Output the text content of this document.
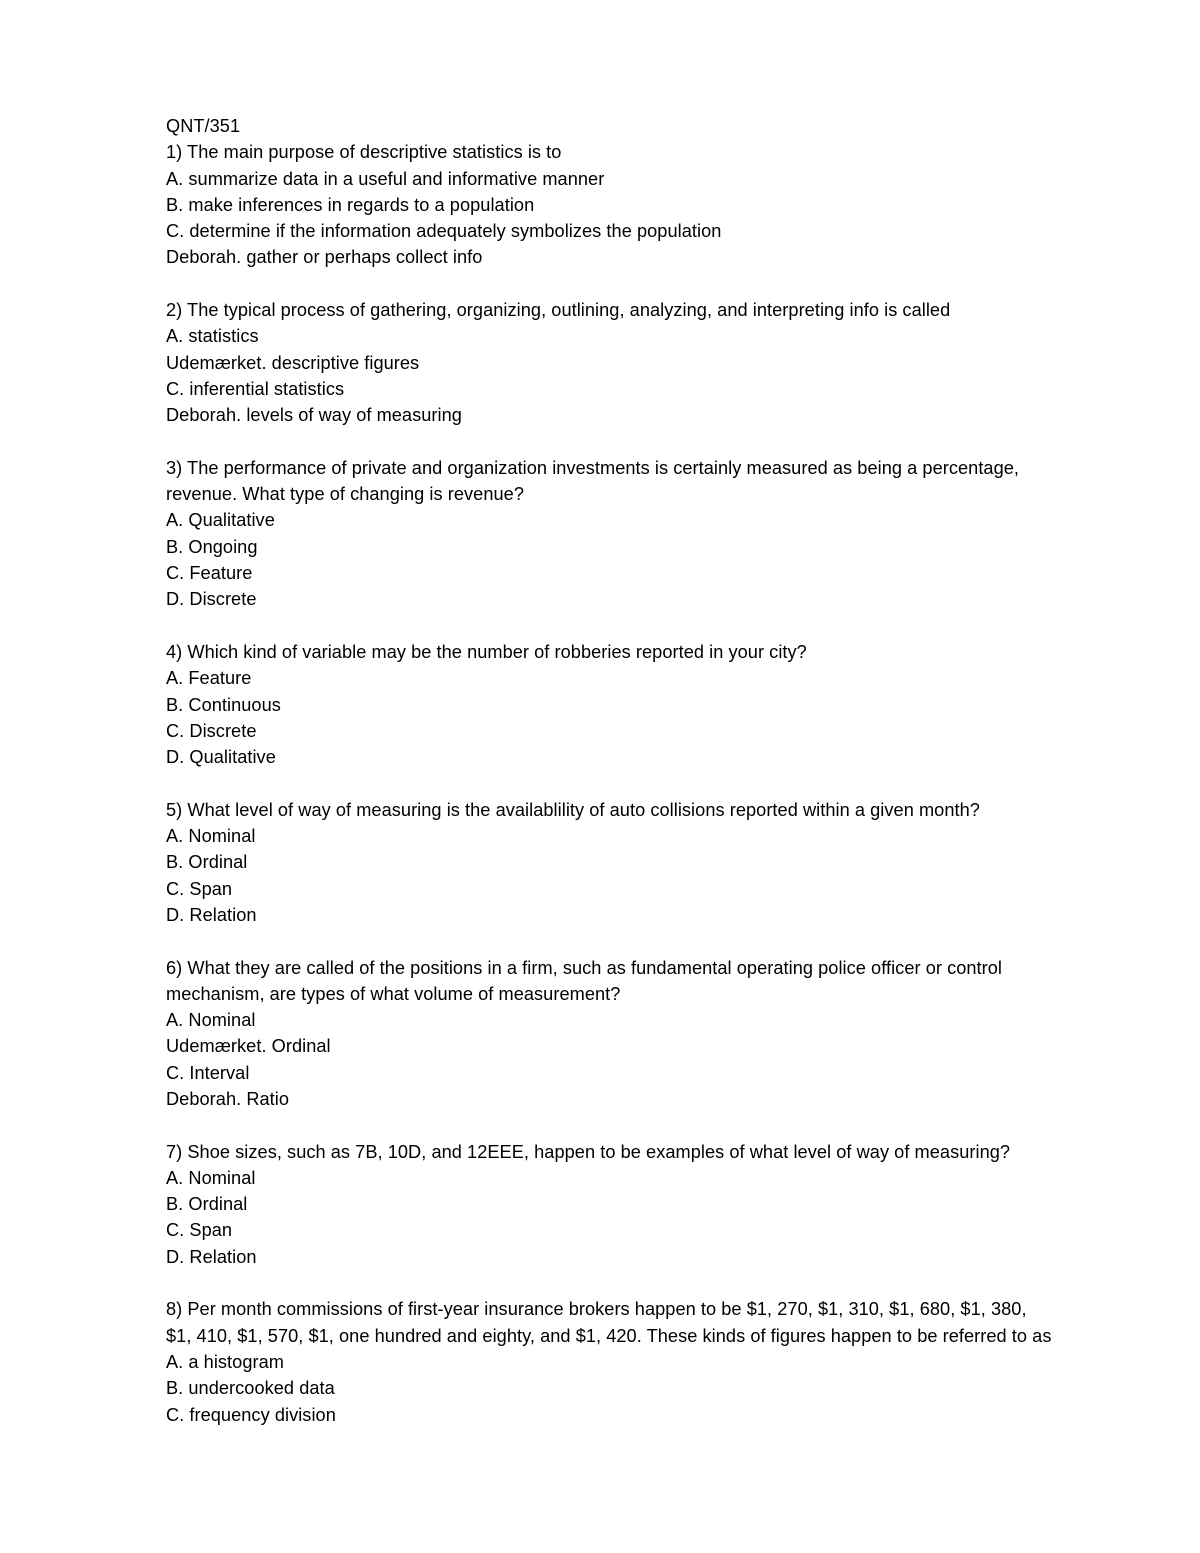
QNT/351
1) The main purpose of descriptive statistics is to
A. summarize data in a useful and informative manner
B. make inferences in regards to a population
C. determine if the information adequately symbolizes the population
Deborah. gather or perhaps collect info
2) The typical process of gathering, organizing, outlining, analyzing, and interpreting info is called
A. statistics
Udemærket. descriptive figures
C. inferential statistics
Deborah. levels of way of measuring
3) The performance of private and organization investments is certainly measured as being a percentage,
revenue. What type of changing is revenue?
A. Qualitative
B. Ongoing
C. Feature
D. Discrete
4) Which kind of variable may be the number of robberies reported in your city?
A. Feature
B. Continuous
C. Discrete
D. Qualitative
5) What level of way of measuring is the availablility of auto collisions reported within a given month?
A. Nominal
B. Ordinal
C. Span
D. Relation
6) What they are called of the positions in a firm, such as fundamental operating police officer or control
mechanism, are types of what volume of measurement?
A. Nominal
Udemærket. Ordinal
C. Interval
Deborah. Ratio
7) Shoe sizes, such as 7B, 10D, and 12EEE, happen to be examples of what level of way of measuring?
A. Nominal
B. Ordinal
C. Span
D. Relation
8) Per month commissions of first-year insurance brokers happen to be $1, 270, $1, 310, $1, 680, $1, 380,
$1, 410, $1, 570, $1, one hundred and eighty, and $1, 420. These kinds of figures happen to be referred to as
A. a histogram
B. undercooked data
C. frequency division
